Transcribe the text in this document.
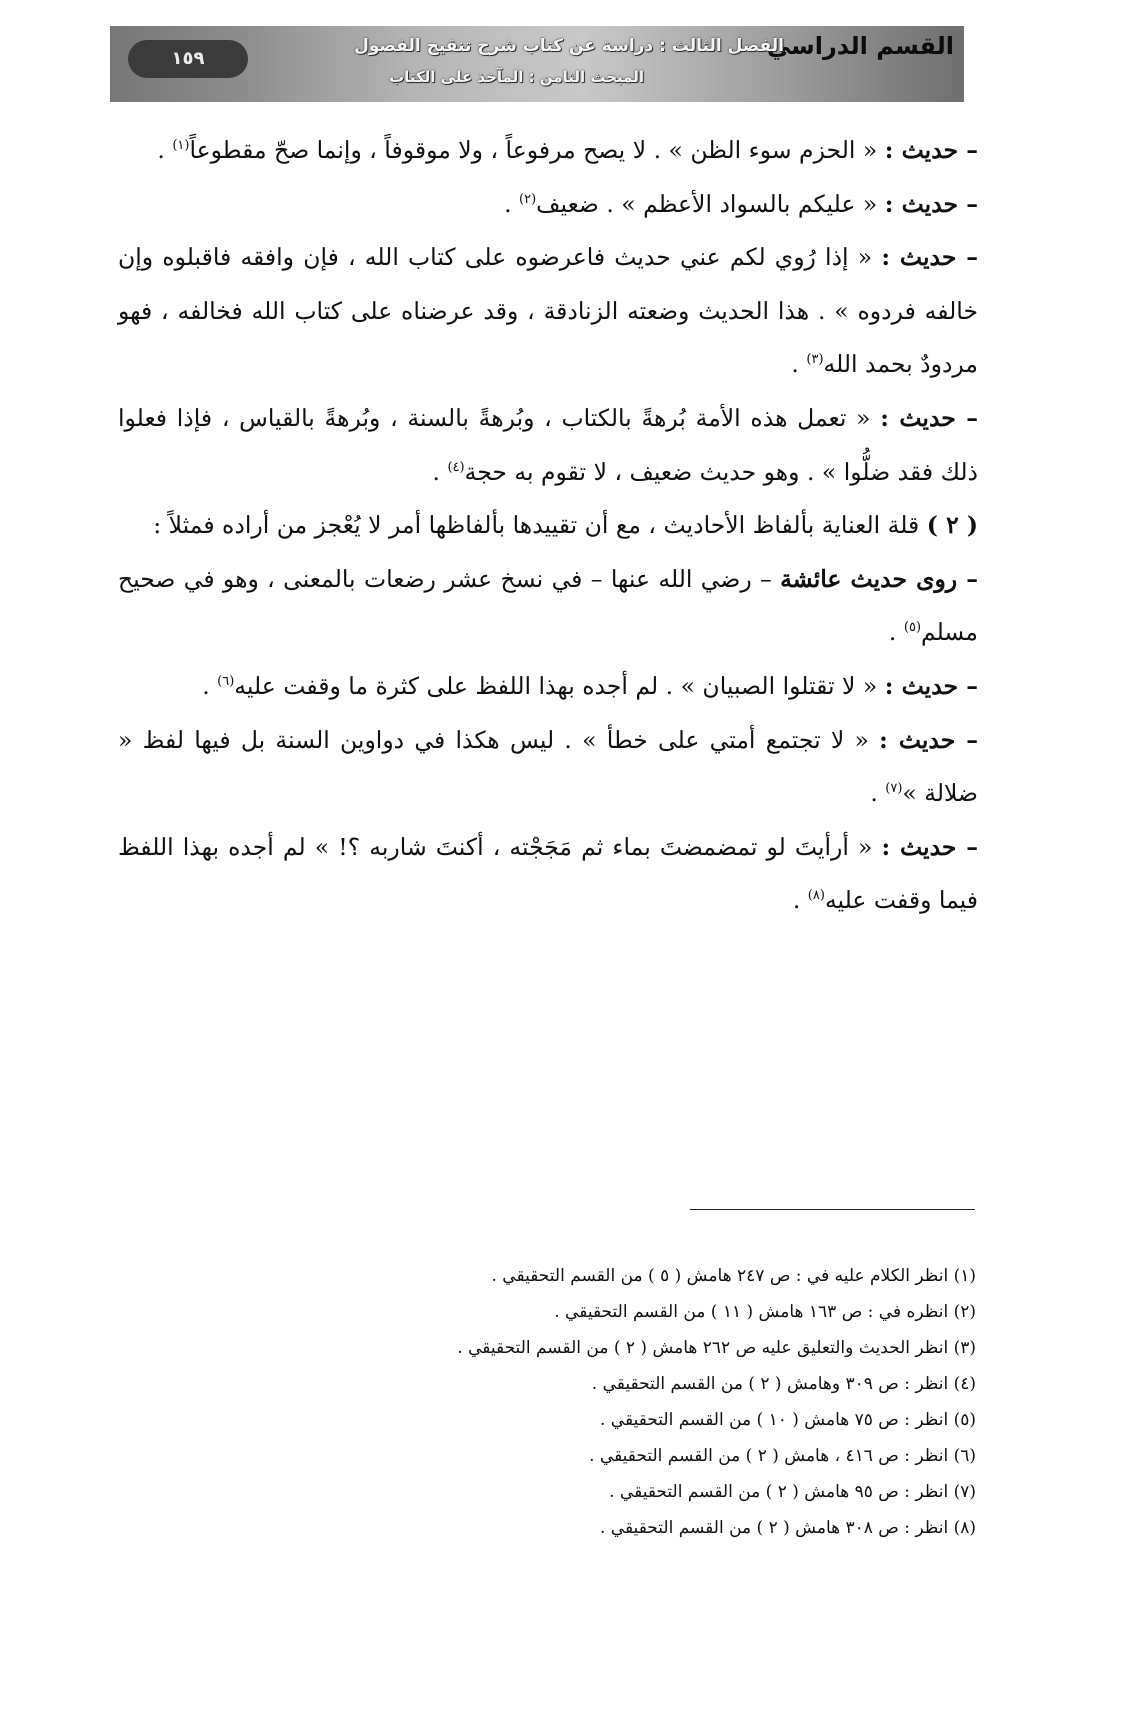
القسم الدراسي
الفصل الثالث : دراسة عن كتاب شرح تنقيح الفصول
المبحث الثامن : المآخذ على الكتاب
١٥٩

– حديث : « الحزم سوء الظن » . لا يصح مرفوعاً ، ولا موقوفاً ، وإنما صحّ مقطوعاً$^{(١)}$ .

– حديث : « عليكم بالسواد الأعظم » . ضعيف$^{(٢)}$ .

– حديث : « إذا رُوي لكم عني حديث فاعرضوه على كتاب الله ، فإن وافقه فاقبلوه وإن خالفه فردوه » . هذا الحديث وضعته الزنادقة ، وقد عرضناه على كتاب الله فخالفه ، فهو مردودٌ بحمد الله$^{(٣)}$ .

– حديث : « تعمل هذه الأمة بُرهةً بالكتاب ، وبُرهةً بالسنة ، وبُرهةً بالقياس ، فإذا فعلوا ذلك فقد ضلُّوا » . وهو حديث ضعيف ، لا تقوم به حجة$^{(٤)}$ .

( ٢ ) قلة العناية بألفاظ الأحاديث ، مع أن تقييدها بألفاظها أمر لا يُعْجز من أراده فمثلاً :

– روى حديث عائشة – رضي الله عنها – في نسخ عشر رضعات بالمعنى ، وهو في صحيح مسلم$^{(٥)}$ .

– حديث : « لا تقتلوا الصبيان » . لم أجده بهذا اللفظ على كثرة ما وقفت عليه$^{(٦)}$ .

– حديث : « لا تجتمع أمتي على خطأ » . ليس هكذا في دواوين السنة بل فيها لفظ « ضلالة »$^{(٧)}$ .

– حديث : « أرأيتَ لو تمضمضتَ بماء ثم مَجَجْته ، أكنتَ شاربه ؟! » لم أجده بهذا اللفظ فيما وقفت عليه$^{(٨)}$ .

(١) انظر الكلام عليه في : ص ٢٤٧ هامش ( ٥ ) من القسم التحقيقي .
(٢) انظره في : ص ١٦٣ هامش ( ١١ ) من القسم التحقيقي .
(٣) انظر الحديث والتعليق عليه ص ٢٦٢ هامش ( ٢ ) من القسم التحقيقي .
(٤) انظر : ص ٣٠٩ وهامش ( ٢ ) من القسم التحقيقي .
(٥) انظر : ص ٧٥ هامش ( ١٠ ) من القسم التحقيقي .
(٦) انظر : ص ٤١٦ ، هامش ( ٢ ) من القسم التحقيقي .
(٧) انظر : ص ٩٥ هامش ( ٢ ) من القسم التحقيقي .
(٨) انظر : ص ٣٠٨ هامش ( ٢ ) من القسم التحقيقي .
